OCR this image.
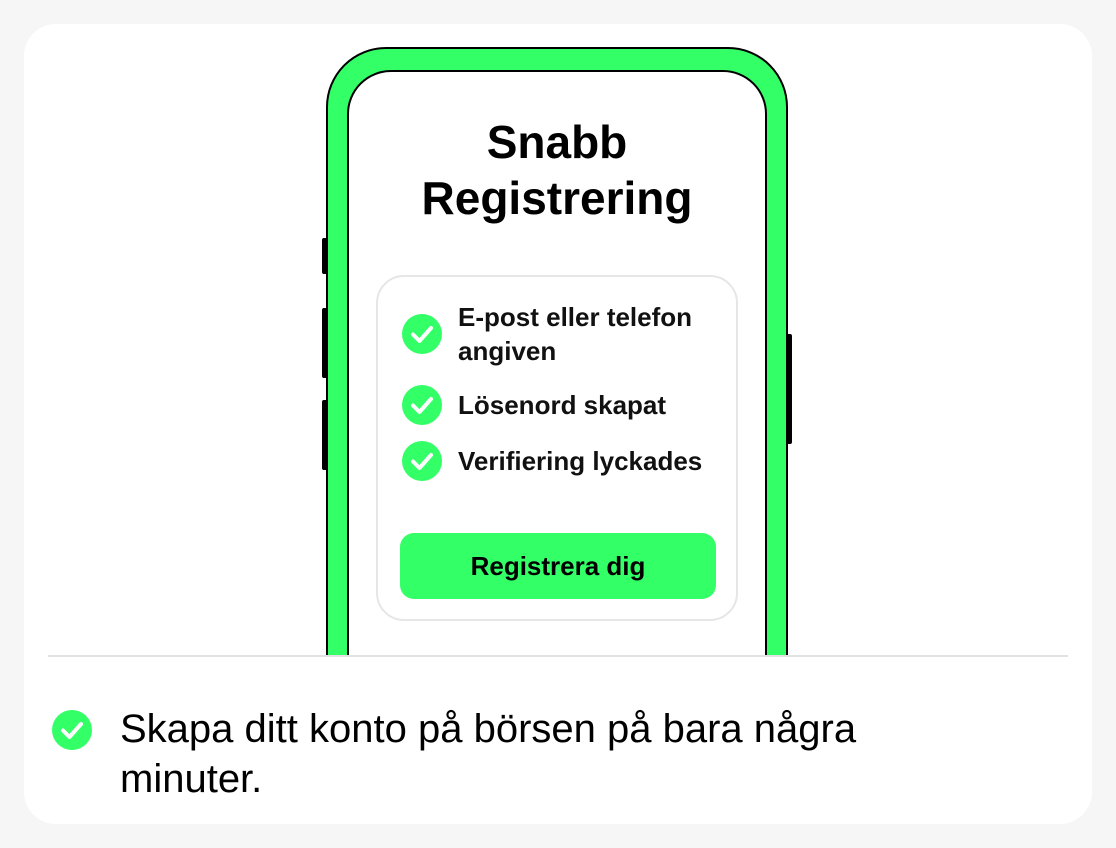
Snabb Registrering
E-post eller telefon angiven
Lösenord skapat
Verifiering lyckades
Registrera dig
Skapa ditt konto på börsen på bara några minuter.
